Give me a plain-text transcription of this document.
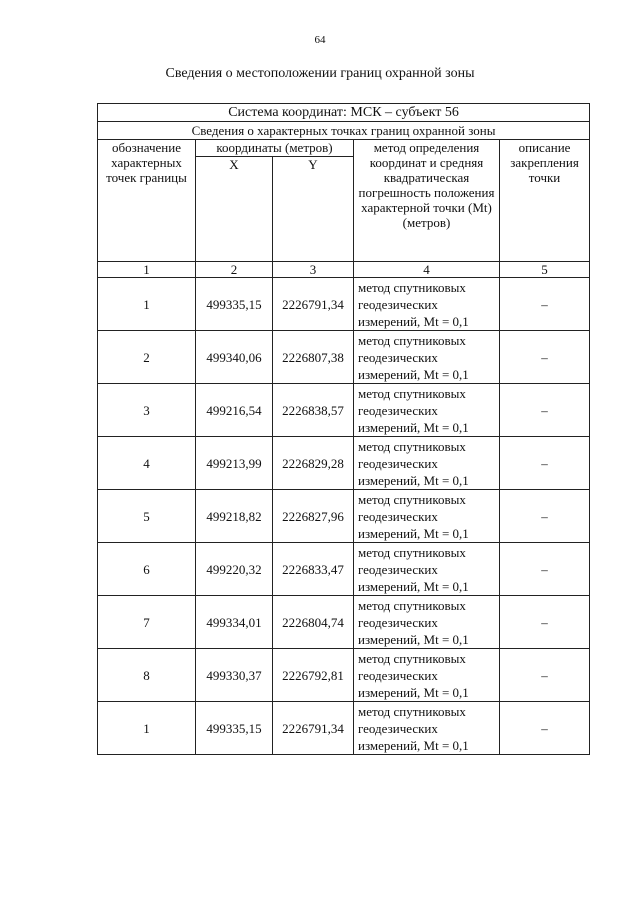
64
Сведения о местоположении границ охранной зоны
Система координат: МСК – субъект 56				
Сведения о характерных точках границ охранной зоны				
обозначение характерных точек границы	координаты (метров)		метод определения координат и средняя квадратическая погрешность положения характерной точки (Mt) (метров)	описание закрепления точки
	X	Y		
1	2	3	4	5
1	499335,15	2226791,34	метод спутниковых геодезических измерений, Mt = 0,1	–
2	499340,06	2226807,38	метод спутниковых геодезических измерений, Mt = 0,1	–
3	499216,54	2226838,57	метод спутниковых геодезических измерений, Mt = 0,1	–
4	499213,99	2226829,28	метод спутниковых геодезических измерений, Mt = 0,1	–
5	499218,82	2226827,96	метод спутниковых геодезических измерений, Mt = 0,1	–
6	499220,32	2226833,47	метод спутниковых геодезических измерений, Mt = 0,1	–
7	499334,01	2226804,74	метод спутниковых геодезических измерений, Mt = 0,1	–
8	499330,37	2226792,81	метод спутниковых геодезических измерений, Mt = 0,1	–
1	499335,15	2226791,34	метод спутниковых геодезических измерений, Mt = 0,1	–
